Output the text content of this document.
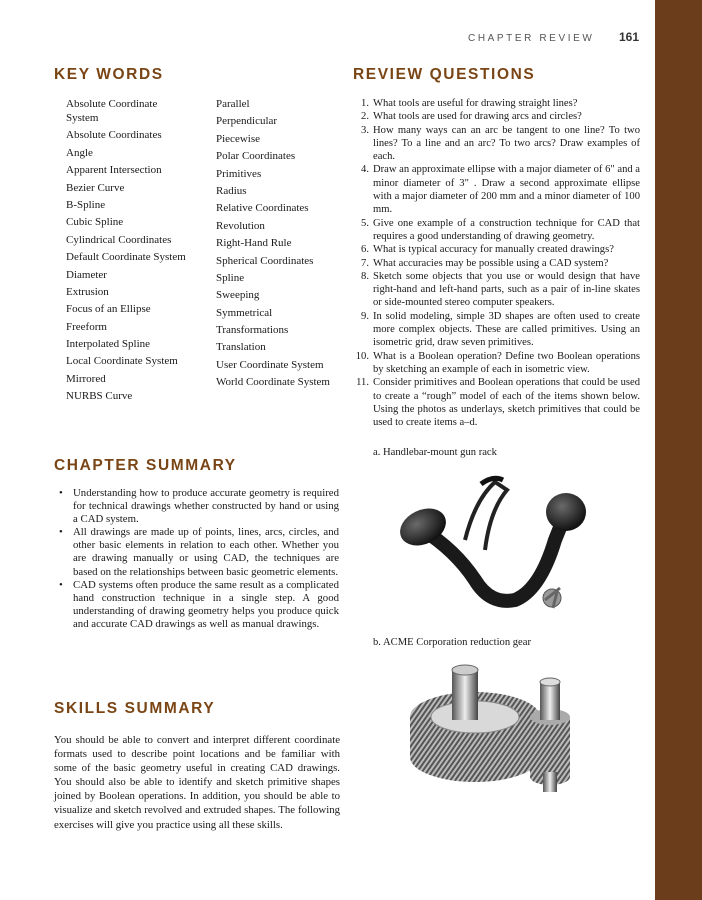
CHAPTER REVIEW 161
KEY WORDS
Absolute Coordinate System
Absolute Coordinates
Angle
Apparent Intersection
Bezier Curve
B-Spline
Cubic Spline
Cylindrical Coordinates
Default Coordinate System
Diameter
Extrusion
Focus of an Ellipse
Freeform
Interpolated Spline
Local Coordinate System
Mirrored
NURBS Curve
Parallel
Perpendicular
Piecewise
Polar Coordinates
Primitives
Radius
Relative Coordinates
Revolution
Right-Hand Rule
Spherical Coordinates
Spline
Sweeping
Symmetrical
Transformations
Translation
User Coordinate System
World Coordinate System
REVIEW QUESTIONS
1. What tools are useful for drawing straight lines?
2. What tools are used for drawing arcs and circles?
3. How many ways can an arc be tangent to one line? To two lines? To a line and an arc? To two arcs? Draw examples of each.
4. Draw an approximate ellipse with a major diameter of 6" and a minor diameter of 3" . Draw a second approximate ellipse with a major diameter of 200 mm and a minor diameter of 100 mm.
5. Give one example of a construction technique for CAD that requires a good understanding of drawing geometry.
6. What is typical accuracy for manually created drawings?
7. What accuracies may be possible using a CAD system?
8. Sketch some objects that you use or would design that have right-hand and left-hand parts, such as a pair of in-line skates or side-mounted stereo computer speakers.
9. In solid modeling, simple 3D shapes are often used to create more complex objects. These are called primitives. Using an isometric grid, draw seven primitives.
10. What is a Boolean operation? Define two Boolean operations by sketching an example of each in isometric view.
11. Consider primitives and Boolean operations that could be used to create a “rough” model of each of the items shown below. Using the photos as underlays, sketch primitives that could be used to create items a–d.
a. Handlebar-mount gun rack
b. ACME Corporation reduction gear
CHAPTER SUMMARY
• Understanding how to produce accurate geometry is required for technical drawings whether constructed by hand or using a CAD system.
• All drawings are made up of points, lines, arcs, circles, and other basic elements in relation to each other. Whether you are drawing manually or using CAD, the techniques are based on the relationships between basic geometric elements.
• CAD systems often produce the same result as a complicated hand construction technique in a single step. A good understanding of drawing geometry helps you produce quick and accurate CAD drawings as well as manual drawings.
SKILLS SUMMARY

You should be able to convert and interpret different coordinate formats used to describe point locations and be familiar with some of the basic geometry useful in creating CAD drawings. You should also be able to identify and sketch primitive shapes joined by Boolean operations. In addition, you should be able to visualize and sketch revolved and extruded shapes. The following exercises will give you practice using all these skills.
